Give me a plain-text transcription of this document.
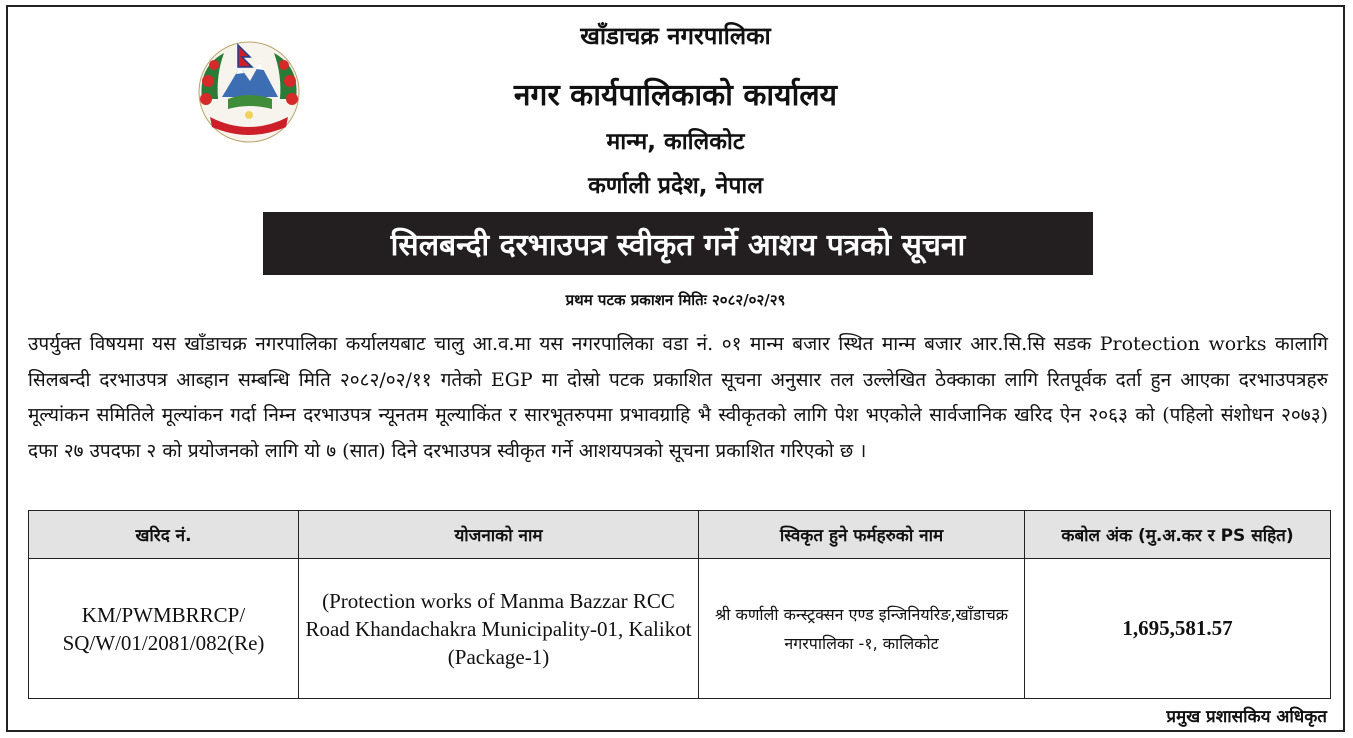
खाँडाचक्र नगरपालिका
नगर कार्यपालिकाको कार्यालय
मान्म, कालिकोट
कर्णाली प्रदेश, नेपाल
सिलबन्दी दरभाउपत्र स्वीकृत गर्ने आशय पत्रको सूचना
प्रथम पटक प्रकाशन मितिः २०८२/०२/२९

उपर्युक्त विषयमा यस खाँडाचक्र नगरपालिका कर्यालयबाट चालु आ.व.मा यस नगरपालिका वडा नं. ०१ मान्म बजार स्थित मान्म बजार आर.सि.सि सडक Protection works कालागि सिलबन्दी दरभाउपत्र आब्हान सम्बन्धि मिति २०८२/०२/११ गतेको EGP मा दोस्रो पटक प्रकाशित सूचना अनुसार तल उल्लेखित ठेक्काका लागि रितपूर्वक दर्ता हुन आएका दरभाउपत्रहरु मूल्यांकन समितिले मूल्यांकन गर्दा निम्न दरभाउपत्र न्यूनतम मूल्याकिंत र सारभूतरुपमा प्रभावग्राहि भै स्वीकृतको लागि पेश भएकोले सार्वजानिक खरिद ऐन २०६३ को (पहिलो संशोधन २०७३) दफा २७ उपदफा २ को प्रयोजनको लागि यो ७ (सात) दिने दरभाउपत्र स्वीकृत गर्ने आशयपत्रको सूचना प्रकाशित गरिएको छ ।
खरिद नं.	योजनाको नाम	स्विकृत हुने फर्महरुको नाम	कबोल अंक (मु.अ.कर र PS सहित)
KM/PWMBRRCP/ SQ/W/01/2081/082(Re)	(Protection works of Manma Bazzar RCC Road Khandachakra Municipality-01, Kalikot (Package-1)	श्री कर्णाली कन्स्ट्रक्सन एण्ड इन्जिनियरिङ,खाँडाचक्र नगरपालिका -१, कालिकोट	1,695,581.57
प्रमुख प्रशासकिय अधिकृत
